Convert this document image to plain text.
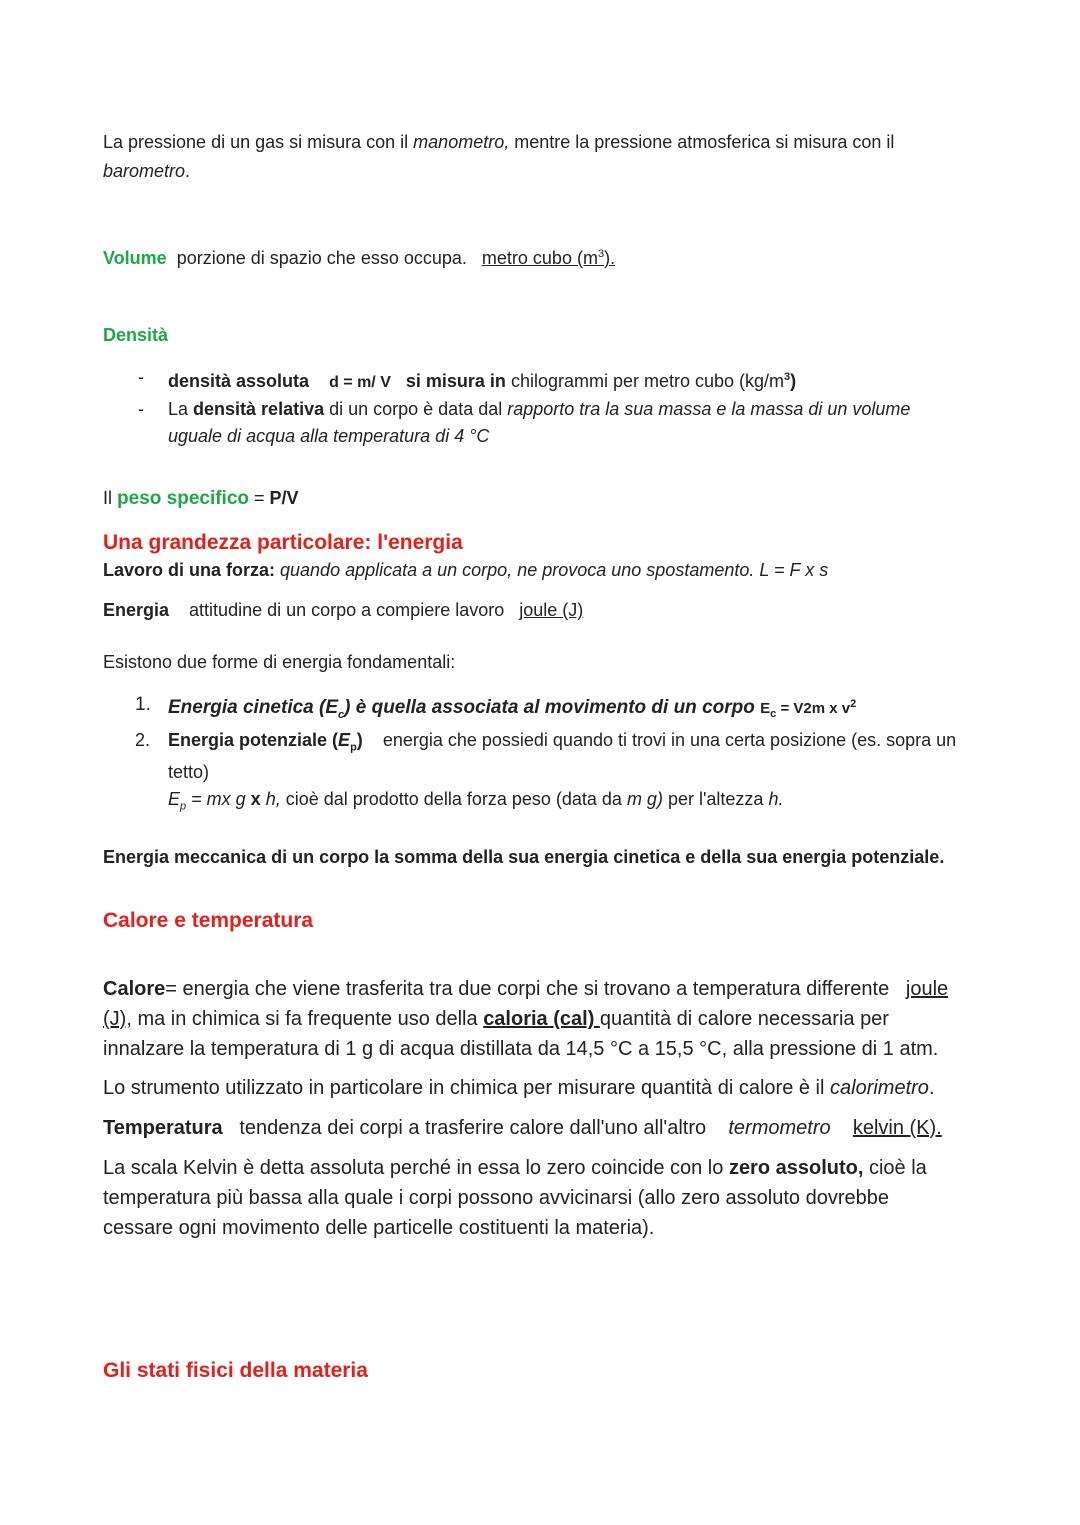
La pressione di un gas si misura con il manometro, mentre la pressione atmosferica si misura con il barometro.
Volume porzione di spazio che esso occupa. metro cubo $(m^3)$.
Densità
- densità assoluta d = m/ V si misura in chilogrammi per metro cubo $(kg/m^3)$
- La densità relativa di un corpo è data dal rapporto tra la sua massa e la massa di un volume uguale di acqua alla temperatura di 4 °C
Il peso specifico = P/V
Una grandezza particolare: l'energia
Lavoro di una forza: quando applicata a un corpo, ne provoca uno spostamento. L = F x s
Energia attitudine di un corpo a compiere lavoro joule (J)
Esistono due forme di energia fondamentali:
1. Energia cinetica $(E_c)$ è quella associata al movimento di un corpo $E_c = V2m$ x $v^2$
2. Energia potenziale $(E_p)$ energia che possiedi quando ti trovi in una certa posizione (es. sopra un tetto)
$E_p$ = mx g x h, cioè dal prodotto della forza peso (data da m g) per l'altezza h.
Energia meccanica di un corpo la somma della sua energia cinetica e della sua energia potenziale.
Calore e temperatura
Calore= energia che viene trasferita tra due corpi che si trovano a temperatura differente   joule (J), ma in chimica si fa frequente uso della caloria (cal) quantità di calore necessaria per innalzare la temperatura di 1 g di acqua distillata da 14,5 °C a 15,5 °C, alla pressione di 1 atm.
Lo strumento utilizzato in particolare in chimica per misurare quantità di calore è il calorimetro.
Temperatura tendenza dei corpi a trasferire calore dall'uno all'altro termometro kelvin (K).
La scala Kelvin è detta assoluta perché in essa lo zero coincide con lo zero assoluto, cioè la temperatura più bassa alla quale i corpi possono avvicinarsi (allo zero assoluto dovrebbe cessare ogni movimento delle particelle costituenti la materia).
Gli stati fisici della materia
